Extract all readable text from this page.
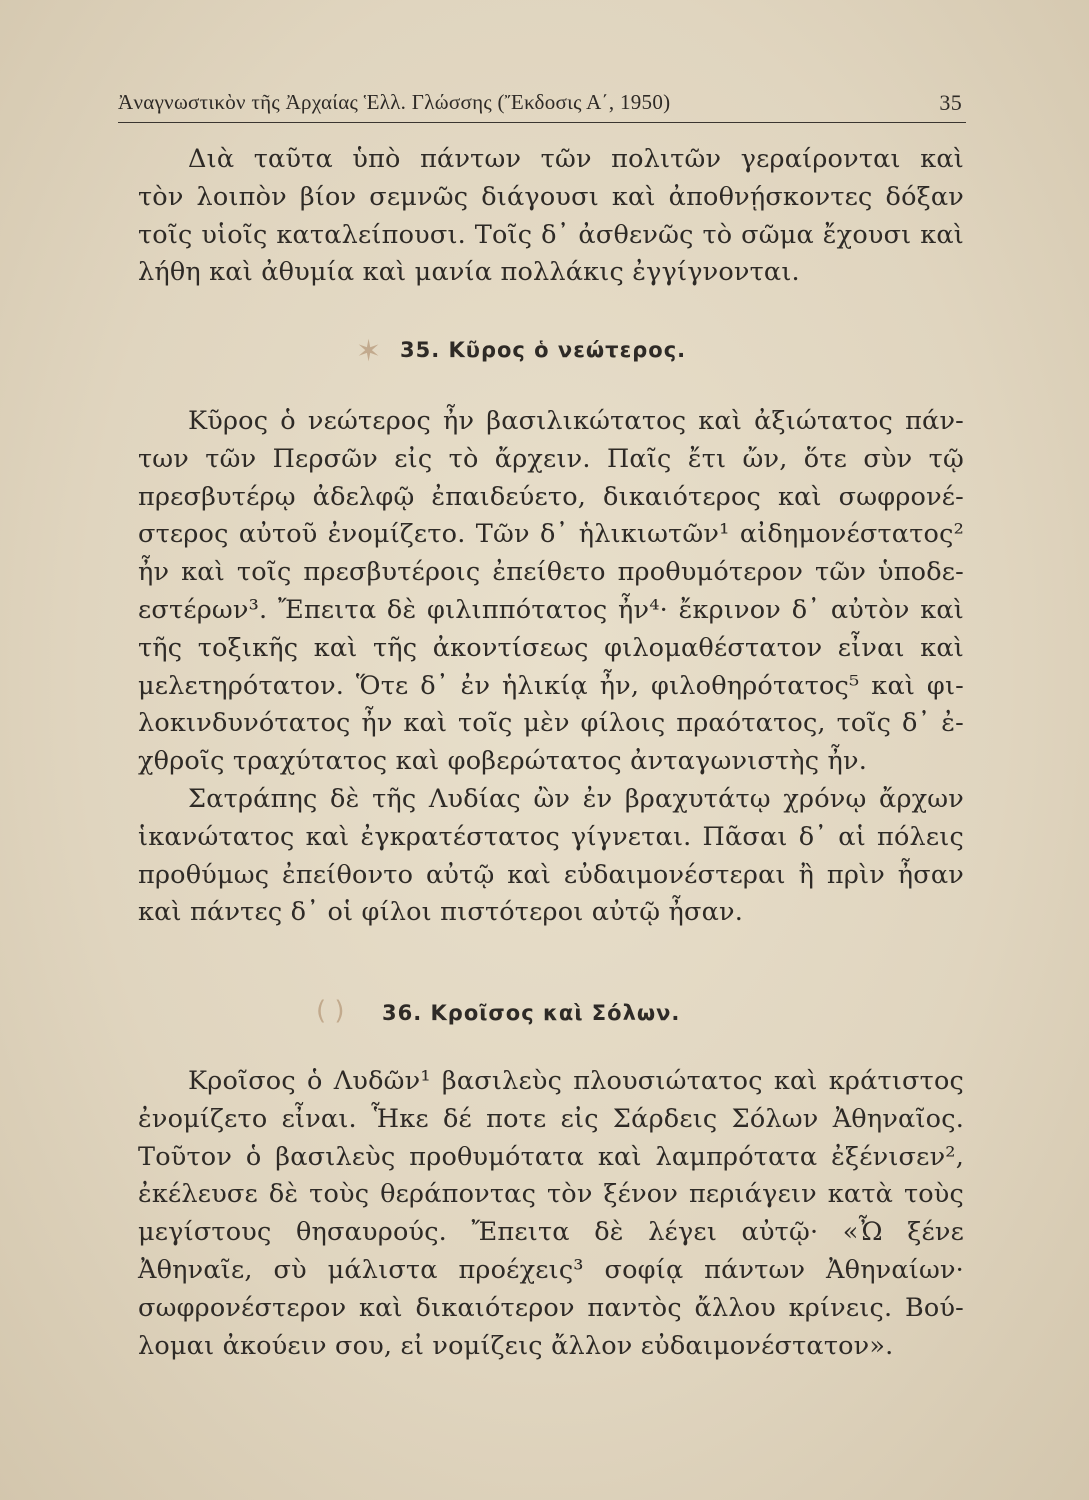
Ἀναγνωστικὸν τῆς Ἀρχαίας Ἑλλ. Γλώσσης (Ἔκδοσις Α΄, 1950)	35
Διὰ ταῦτα ὑπὸ πάντων τῶν πολιτῶν γεραίρονται καὶ
τὸν λοιπὸν βίον σεμνῶς διάγουσι καὶ ἀποθνῄσκοντες δόξαν
τοῖς υἱοῖς καταλείπουσι. Τοῖς δ᾽ ἀσθενῶς τὸ σῶμα ἔχουσι καὶ
λήθη καὶ ἀθυμία καὶ μανία πολλάκις ἐγγίγνονται.
✶ 35. Κῦρος ὁ νεώτερος.
Κῦρος ὁ νεώτερος ἦν βασιλικώτατος καὶ ἀξιώτατος πάν-
των τῶν Περσῶν εἰς τὸ ἄρχειν. Παῖς ἔτι ὤν, ὅτε σὺν τῷ
πρεσβυτέρῳ ἀδελφῷ ἐπαιδεύετο, δικαιότερος καὶ σωφρονέ-
στερος αὐτοῦ ἐνομίζετο. Τῶν δ᾽ ἡλικιωτῶν¹ αἰδημονέστατος²
ἦν καὶ τοῖς πρεσβυτέροις ἐπείθετο προθυμότερον τῶν ὑποδε-
εστέρων³. Ἔπειτα δὲ φιλιππότατος ἦν⁴· ἔκρινον δ᾽ αὐτὸν καὶ
τῆς τοξικῆς καὶ τῆς ἀκοντίσεως φιλομαθέστατον εἶναι καὶ
μελετηρότατον. Ὅτε δ᾽ ἐν ἡλικίᾳ ἦν, φιλοθηρότατος⁵ καὶ φι-
λοκινδυνότατος ἦν καὶ τοῖς μὲν φίλοις πραότατος, τοῖς δ᾽ ἐ-
χθροῖς τραχύτατος καὶ φοβερώτατος ἀνταγωνιστὴς ἦν.
Σατράπης δὲ τῆς Λυδίας ὢν ἐν βραχυτάτῳ χρόνῳ ἄρχων
ἱκανώτατος καὶ ἐγκρατέστατος γίγνεται. Πᾶσαι δ᾽ αἱ πόλεις
προθύμως ἐπείθοντο αὐτῷ καὶ εὐδαιμονέστεραι ἢ πρὶν ἦσαν
καὶ πάντες δ᾽ οἱ φίλοι πιστότεροι αὐτῷ ἦσαν.
( ) 36. Κροῖσος καὶ Σόλων.
Κροῖσος ὁ Λυδῶν¹ βασιλεὺς πλουσιώτατος καὶ κράτιστος
ἐνομίζετο εἶναι. Ἧκε δέ ποτε εἰς Σάρδεις Σόλων Ἀθηναῖος.
Τοῦτον ὁ βασιλεὺς προθυμότατα καὶ λαμπρότατα ἐξένισεν²,
ἐκέλευσε δὲ τοὺς θεράποντας τὸν ξένον περιάγειν κατὰ τοὺς
μεγίστους θησαυρούς. Ἔπειτα δὲ λέγει αὐτῷ· «Ὦ ξένε
Ἀθηναῖε, σὺ μάλιστα προέχεις³ σοφίᾳ πάντων Ἀθηναίων·
σωφρονέστερον καὶ δικαιότερον παντὸς ἄλλου κρίνεις. Βού-
λομαι ἀκούειν σου, εἰ νομίζεις ἄλλον εὐδαιμονέστατον».
